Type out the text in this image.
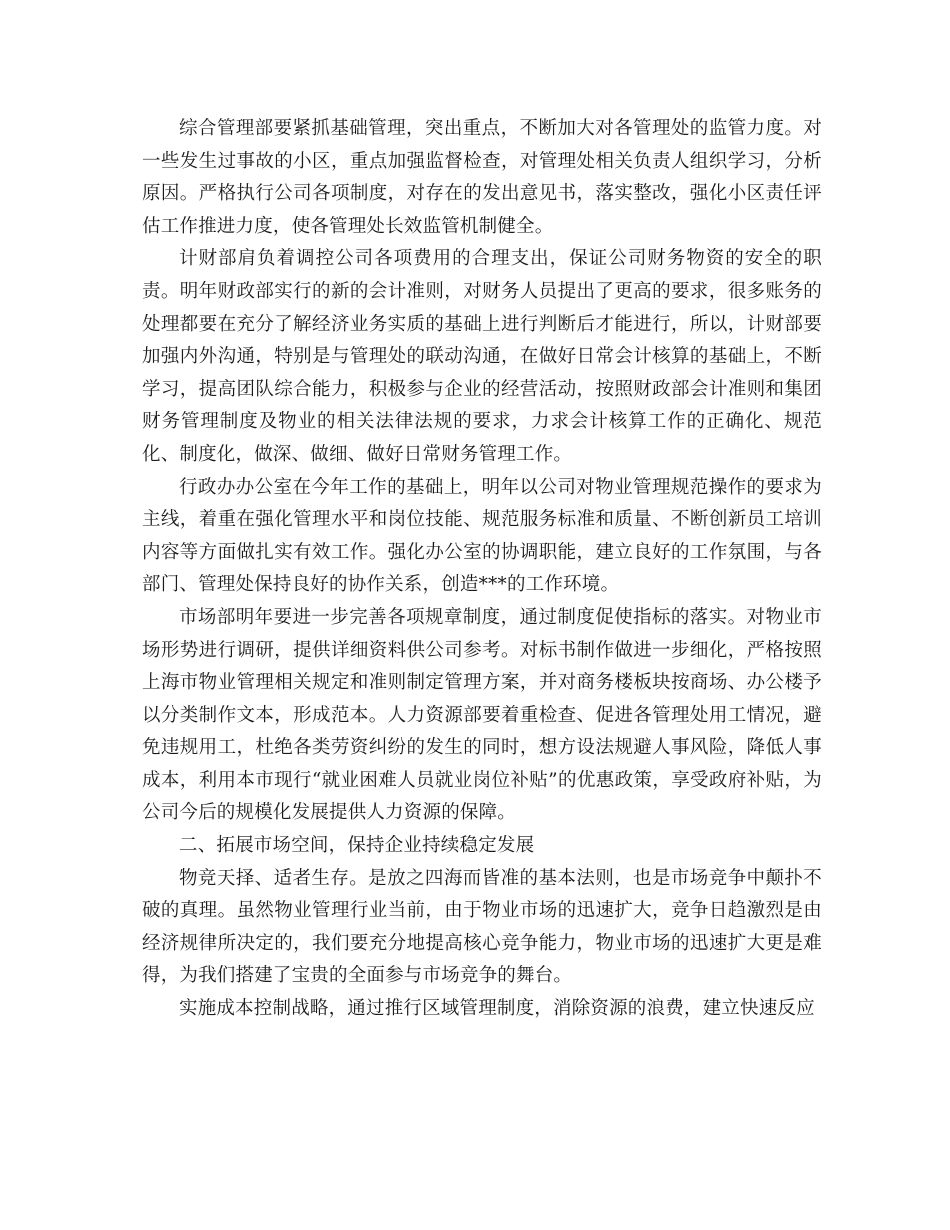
综合管理部要紧抓基础管理，突出重点，不断加大对各管理处的监管力度。对一些发生过事故的小区，重点加强监督检查，对管理处相关负责人组织学习，分析原因。严格执行公司各项制度，对存在的发出意见书，落实整改，强化小区责任评估工作推进力度，使各管理处长效监管机制健全。

计财部肩负着调控公司各项费用的合理支出，保证公司财务物资的安全的职责。明年财政部实行的新的会计准则，对财务人员提出了更高的要求，很多账务的处理都要在充分了解经济业务实质的基础上进行判断后才能进行，所以，计财部要加强内外沟通，特别是与管理处的联动沟通，在做好日常会计核算的基础上，不断学习，提高团队综合能力，积极参与企业的经营活动，按照财政部会计准则和集团财务管理制度及物业的相关法律法规的要求，力求会计核算工作的正确化、规范化、制度化，做深、做细、做好日常财务管理工作。

行政办办公室在今年工作的基础上，明年以公司对物业管理规范操作的要求为主线，着重在强化管理水平和岗位技能、规范服务标准和质量、不断创新员工培训内容等方面做扎实有效工作。强化办公室的协调职能，建立良好的工作氛围，与各部门、管理处保持良好的协作关系，创造***的工作环境。

市场部明年要进一步完善各项规章制度，通过制度促使指标的落实。对物业市场形势进行调研，提供详细资料供公司参考。对标书制作做进一步细化，严格按照上海市物业管理相关规定和准则制定管理方案，并对商务楼板块按商场、办公楼予以分类制作文本，形成范本。人力资源部要着重检查、促进各管理处用工情况，避免违规用工，杜绝各类劳资纠纷的发生的同时，想方设法规避人事风险，降低人事成本，利用本市现行“就业困难人员就业岗位补贴”的优惠政策，享受政府补贴，为公司今后的规模化发展提供人力资源的保障。

二、拓展市场空间，保持企业持续稳定发展

物竞天择、适者生存。是放之四海而皆准的基本法则，也是市场竞争中颠扑不破的真理。虽然物业管理行业当前，由于物业市场的迅速扩大，竞争日趋激烈是由经济规律所决定的，我们要充分地提高核心竞争能力，物业市场的迅速扩大更是难得，为我们搭建了宝贵的全面参与市场竞争的舞台。

实施成本控制战略，通过推行区域管理制度，消除资源的浪费，建立快速反应
